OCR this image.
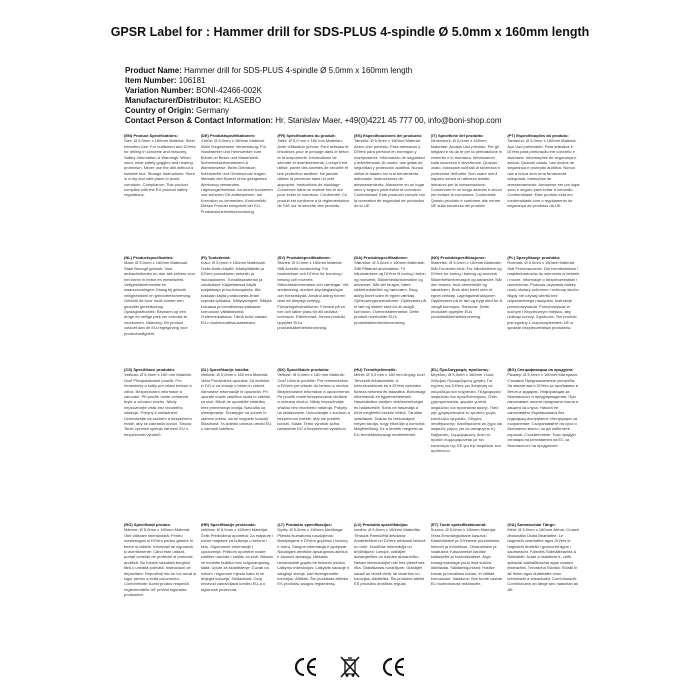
GPSR Label for : Hammer drill for SDS-PLUS 4-spindle Ø 5.0mm x 160mm length
Product Name: Hammer drill for SDS-PLUS 4-spindle Ø 5.0mm x 160mm length
Item Number: 106181
Variation Number: BONI-42466-002K
Manufacturer/Distributor: KLASEBO
Country of Origin: Germany
Contact Person & Contact Information: Hr. Stanislav Maer, +49(0)4221 45 777 00, info@boni-shop.com
(EN) Product Specifications:
Size: Ø 5.0mm x 160mm Material: Steel Intended Use: For craftsmen and DIYers for drilling in concrete and masonry. Safety Information & Warnings: When used, wear safety goggles and hearing protection. Never use the drill without a suitable tool. Storage Instructions: Store in a dry and safe place to avoid corrosion. Compliance: This product complies with the EU product safety regulations.
(DE) Produktspezifikationen:
Größe: Ø 5,0mm x 160mm Material: Stahl Vorgesehene Verwendung: Für Handwerker und Heimwerker zum Bohren in Beton und Mauerwerk. Sicherheitsinformationen & Warnhinweise: Beim Gebrauch Schutzbrille und Gehörschutz tragen. Niemals den Bohrer ohne geeignetes Werkzeug verwenden. Lagerungshinweise: An einem trockenen und sicheren Ort aufbewahren, um Korrosion zu vermeiden. Konformität: Dieses Produkt entspricht der EU-Produktsicherheitsverordnung.
(FR) Spécifications du produit:
Taille: Ø 5,0 mm x 160 mm Matériau: Acier Utilisation prévue: Pour artisans et bricoleurs pour le perçage dans le béton et la maçonnerie. Informations de sécurité et avertissements: Lorsqu'il est utilisé, porter des lunettes de sécurité et une protection auditive. Ne jamais utiliser la perceuse sans un outil approprié. Instructions de stockage: Conserver dans un endroit sec et sûr pour éviter la corrosion. Conformité: Ce produit est conforme à la réglementation de l'UE sur la sécurité des produits.
(ES) Especificaciones del producto:
Tamaño: Ø 5,0mm x 160mm Material: Acero Uso previsto: Para artesanos y DIYers para perforar en hormigón y mampostería. Información de seguridad y advertencias: Al usarlo, use gafas de seguridad y protección auditiva. Nunca utilice el taladro sin una herramienta adecuada. Instrucciones de almacenamiento: Almacene en un lugar seco y seguro para evitar la corrosión. Conformidad: Este producto cumple con la normativa de seguridad de productos de la UE.
(IT) Specifiche del prodotto:
Dimensioni: Ø 5,0mm x 160mm Materiale: Acciaio Uso previsto: Per gli artigiani e fai da te per la perforazione in cemento e in muratura. Informazioni sulla sicurezza e avvertenze: Quando usato, indossare occhiali di sicurezza e protezione dell'udito. Non usare mai il trapano senza un attrezzo adatto. Istruzioni per la conservazione: Conservare in un luogo asciutto e sicuro per evitare la corrosione. Conformità: Questo prodotto è conforme alle norme UE sulla sicurezza dei prodotti.
(PT) Especificações do produto:
Tamanho: Ø 5,0mm x 160mm Material: Aço Uso pretendido: Para artesãos e DIYers para perfuração em concreto e alvenaria. Informações de segurança e avisos: Quando usado, use óculos de segurança e proteção auditiva. Nunca use a broca sem uma ferramenta adequada. Instruções de armazenamento: Armazene em um lugar seco e seguro para evitar a corrosão. Conformidade: Este produto está em conformidade com o regulamento de segurança de produtos da UE.
(NL) Productspecificaties:
Maat: Ø 5,0mm x 160mm Materiaal: Staal Beoogd gebruik: Voor ambachtslieden en doe-het-zelvers voor het boren in beton en metselwerk. Veiligheidsinformatie en waarschuwingen: Draag bij gebruik veiligheidsbril en gehoorbescherming. Gebruik de boor nooit zonder een geschikt gereedschap. Opslaginstructies: Bewaren op een droge en veilige plek om corrosie te voorkomen. Naleving: Dit product voldoet aan de EU-regelgeving voor productveiligheid.
(FI) Tuotetiedot:
Koko: Ø 5,0mm x 160mm Materiaali: Teräs Aiottu käyttö: Käsityöläisille ja DIYers poraukseen betoniin ja muuraukseen. Turvallisuustiedot ja varoitukset: Käytettäessä käytä suojalaseja ja kuulosuojaimia. Älä koskaan käytä porakonetta ilman sopivaa työkalua. Säilytysohjeet: Säilytä kuivassa ja turvallisessa paikassa korroosion välttämiseksi. Yhdenmukaisuus: Tämä tuote vastaa EU:n tuoteturvallisuusasetusta.
(SV) Produktspecifikationer:
Storlek: Ø 5,0mm x 160mm Material: Stål Avsedd användning: För hantverkare och DIYers för borrning i betong och murverk. Säkerhetsinformation och varningar: Vid användning, använd skyddsglasögon och hörselskydd. Använd aldrig borren utan ett lämpligt verktyg. Förvaringsinstruktioner: Förvara på en torr och säker plats för att undvika korrosion. Efterlevnad: Denna produkt uppfyller EU:s produktsäkerhetsförordning.
(DA) Produktspecifikationer:
Størrelse: Ø 5,0mm x 160mm Materiale: Stål Påtænkt anvendelse: Til håndværkere og DIYere til boring i beton og murværk. Sikkerhedsinformation og advarsler: Når det bruges, bære sikkerhedsbriller og høreværn. Brug aldrig boret uden et egnet værktøj. Opbevaringsinstruktioner: Opbevares på et tørt og sikkert sted for at undgå korrosion. Overensstemmelse: Dette produkt overholder EU's produktsikkerhedsforordning.
(NO) Produktspesifikasjoner:
Størrelse: Ø 5,0mm x 160mm Materiale: Stål Forventet bruk: For håndverkere og DIYere for boring i betong og murverk. Sikkerhetsinformasjon og advarsler: Når den brukes, bruk vernebriller og hørselvern. Bruk aldri boret uten et egnet verktøy. Lagringsinstruksjoner: Oppbevares på et tørt og trygt sted for å unngå korrosjon. Samsvar: Dette produktet oppfyller EUs produktsikkerhetsforordning.
(PL) Specyfikacje produktu:
Rozmiar: Ø 5,0mm x 160mm Materiał: Stal Przeznaczenie: Dla rzemieślników i majsterkowiczów do wiercenia w betonie i murze. Informacje o bezpieczeństwie i ostrzeżenia: Podczas używania należy nosić okulary ochronne i ochronę słuchu. Nigdy nie używaj wiertła bez odpowiedniego narzędzia. Instrukcje przechowywania: Przechowywać w suchym i bezpiecznym miejscu, aby uniknąć korozji. Zgodność: Ten produkt jest zgodny z rozporządzeniem UE w sprawie bezpieczeństwa produktów.
(CS) Specifikace produktu:
Velikost: Ø 5,0mm x 160 mm Materiál: Ocel Předpokládané použití: Pro řemeslníky a kutily pro vrtání betonu a zdiva. Bezpečnostní informace a varování: Při použití noste ochranné brýle a ochranu sluchu. Nikdy nepoužívejte vrták bez vhodného nástroje. Pokyny k uskladnění: Uchovávejte na suchém a bezpečném místě, aby se zabránilo korozi. Shoda: Tento výrobek splňuje nařízení EU o bezpečnosti výrobků.
(SL) Specifikacije izdelka:
Velikost: Ø 5,0mm x 160 mm Material: Jeklo Predvidena uporaba: Za obrtnike in DIY-e za vrtanje v beton in zidove. Varnostne informacije in opozorila: Pri uporabi nosite zaščitna očala in zaščito za sluh. Nikoli ne uporabite vrtalnika brez primernega orodja. Navodila za shranjevanje: Shranjujte na suhem in varnem mestu, da se izognete koroziji. Skladnost: Ta izdelek ustreza uredbi EU o varnosti izdelkov.
(SK) Špecifikácie produktu:
Veľkosť: Ø 5,0mm x 160 mm Materiál: Oceľ Určené použitie: Pre remeselníkov a DIYers pre vŕtanie do betónu a muriva. Bezpečnostné informácie a upozornenia: Pri použití noste bezpečnostné okuliare a ochranu sluchu. Nikdy nepoužívajte vŕtačku bez vhodného nástroja. Pokyny na skladovanie: Uchovávajte v suchom a bezpečnom mieste, aby ste predišli korózii. Súlad: Tento výrobok spĺňa nariadenie EÚ o bezpečnosti výrobkov.
(HU) Termékjellemzők:
Méret: Ø 5,0 mm x 160 mm Anyag: Acél Tervezett felhasználás: A kézműveseknek és a DIYers számára fúrásra betonba és falazatba. Biztonsági információk és figyelmeztetések: Használatkor viseljen védőszemüveget és hallásvédőt. Soha ne használja a fúrót megfelelő eszköz nélkül. Tárolási utasítások: Száraz és biztonságos helyen tárolja, hogy elkerülje a korróziót. Megfelelőség: Ez a termék megfelel az EU termékbiztonsági rendeletének.
(EL) Προδιαγραφές προϊόντος:
Μέγεθος: Ø 5,0mm x 160mm Υλικό: Χάλυβας Προοριζόμενη χρήση: Για τεχνίτες και DIYers για διάτρηση σε σκυρόδεμα και τοιχοποιία. Πληροφορίες ασφαλείας και προειδοποιήσεις: Όταν χρησιμοποιείται, φοράτε γυαλιά ασφαλείας και προστασία ακοής. Ποτέ μην χρησιμοποιείτε το τρυπάνι χωρίς κατάλληλο εργαλείο. Οδηγίες αποθήκευσης: Αποθηκεύστε σε ξηρό και ασφαλές μέρος για να αποφύγετε τη διάβρωση. Συμμόρφωση: Αυτό το προϊόν συμμορφώνεται με τον κανονισμό της ΕΕ για την ασφάλεια των προϊόντων.
(BG) Спецификации на продукта:
Размер: Ø 5,0mm x 160mm Материал: Стомана Предназначение употреба: За занаятчии и DIYers за пробиване в бетон и зидария. Информация за безопасност и предупреждения: При използване носете предпазни очила и защита за слуха. Никога не използвайте бормашината без подходящ инструмент. Инструкции за съхранение: Съхранявайте на сухо и безопасно място, за да избегнете корозия. Съответствие: Този продукт отговаря на регламента на ЕС за безопасност на продуктите.
(RO) Specificații produs:
Mărime: Ø 5,0mm x 160mm Material: Oțel Utilizare intenționată: Pentru meșteșugari și DIYers pentru găurire în beton și zidărie. Informații de siguranță și avertismente: Când este utilizat, purtați ochelari de protecție și protecție auditivă. Nu folosiți niciodată burghiul fără o unealtă potrivită. Instrucțiuni de depozitare: Depozitați într-un loc uscat și sigur pentru a evita coroziunea. Conformitate: Acest produs respectă reglementările UE privind siguranța produselor.
(HR) Specifikacije proizvoda:
Veličina: Ø 5,0mm x 160mm Materijal: Čelik Predviđena upotreba: Za majstore i kućne majstore za bušenje u betonu i zidu. Sigurnosne informacije i upozorenja: Prilikom upotrebe nosite zaštitne naočale i zaštitu za sluh. Nikada ne koristite bušilicu bez odgovarajućeg alata. Upute za skladištenje: Čuvati na suhom i sigurnom mjestu kako bi se izbjegla korozija. Sukladnost: Ovaj proizvod zadovoljava uredbu EU-a o sigurnosti proizvoda.
(LT) Produkto specifikacijos:
Dydis: Ø 5,0mm x 160mm Medžiaga: Plienas Numatoma naudojimas: Bradytojams ir DIYers gręžimui į betoną ir mūrą. Saugos informacija ir įspėjimai: Naudojant dėvėkite apsauginius akinius ir klausos apsaugą. Niekada nenaudokite grąžto be tinkamo įrankio. Laikymo instrukcijos: Laikykite sausoje ir saugioje vietoje, kad išvengtumėte korozijos. Atitiktis: Šis produktas atitinka ES produktų saugos reglamentą.
(LV) Produkta specifikācijas:
Izmērs: Ø 5,0mm x 160mm Materiāls: Tērauds Paredzētā lietošana: Amatniekiem un DIYers urbšanai betonā un mūrī. Drošības informācija un brīdinājumi: Lietojot, valkājiet aizsargbrilles un dzirdes aizsardzību. Nekad neizmantojiet urbi bez piemērota rīka. Glabāšanas norādījumi: Glabājiet sausā un drošā vietā, lai izvairītos no korozijas. Atbilstība: Šis produkts atbilst ES produktu drošības regulai.
(ET) Toote spetsifikatsioonid:
Suurus: Ø 5,0mm x 160mm Materjal: Teras Eesmärgipärane kasutus: Käsitöölistele ja DIYeritele puurimiseks betooni ja müüritisse. Ohutusteave ja hoiatused: Kasutamisel kandke kaitseprille ja kuulmiskaitset. Ärge kunagi kasutage puuri ilma sobiva tööriistata. Säilitamisjuhised: Hoidke kuivas ja turvalises kohas, et vältida korrosiooni. Vastavus: See toode vastab ELi tooteohutuse määrusele.
(GA) Sonraíochtaí Táirge:
Méid: Ø 5,0mm x 160mm Ábhar: Cruach dhosmálta Úsáid Beartaithe: Le haghaidh ceardaithe agus DIYers le haghaidh druileáil i gcoincréit agus i saoirseacht. Faisnéis Sábháilteachta & Rabhaidh: Nuair a úsáidtear é, caith spéaclaí sábháilteachta agus cosaint éisteachta. Treoracha Stórála: Stóráil in áit thirim agus shábháilte chun creimeadh a sheachaint. Comhlíonadh: Comhlíonann an táirge seo rialachán an AE.
